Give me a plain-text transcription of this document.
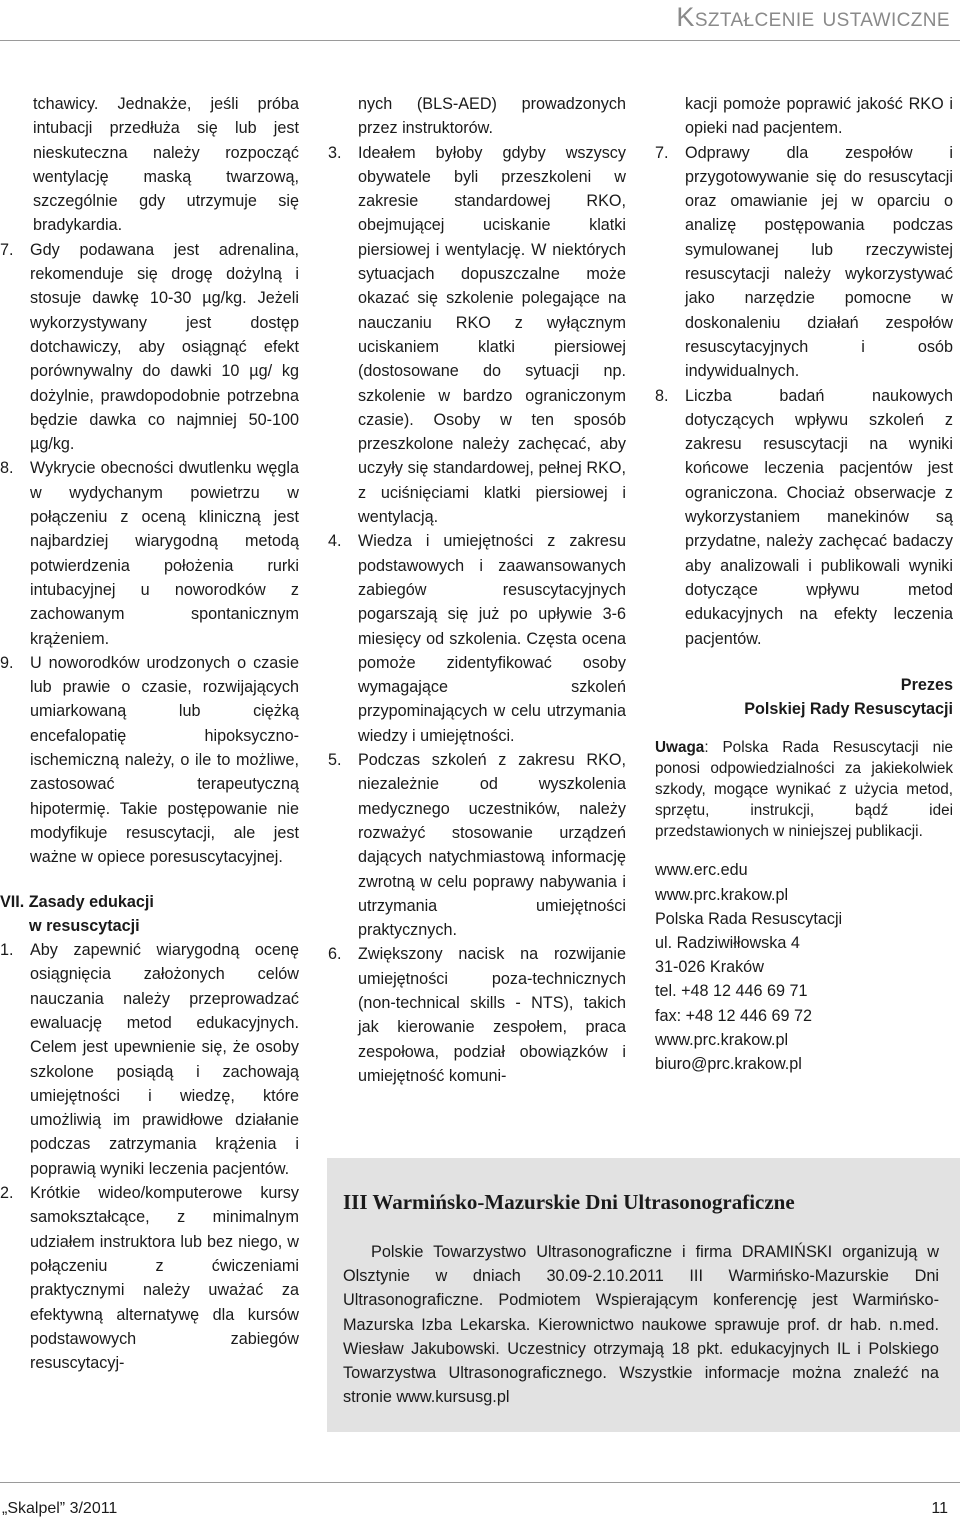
Kształcenie ustawiczne

tchawicy. Jednakże, jeśli próba intubacji przedłuża się lub jest nieskuteczna należy rozpocząć wentylację maską twarzową, szczególnie gdy utrzymuje się bradykardia.

7. Gdy podawana jest adrenalina, rekomenduje się drogę dożylną i stosuje dawkę 10-30 µg/kg. Jeżeli wykorzystywany jest dostęp dotchawiczy, aby osiągnąć efekt porównywalny do dawki 10 µg/ kg dożylnie, prawdopodobnie potrzebna będzie dawka co najmniej 50-100 µg/kg.
8. Wykrycie obecności dwutlenku węgla w wydychanym powietrzu w połączeniu z oceną kliniczną jest najbardziej wiarygodną metodą potwierdzenia położenia rurki intubacyjnej u noworodków z zachowanym spontanicznym krążeniem.
9. U noworodków urodzonych o czasie lub prawie o czasie, rozwijających umiarkowaną lub ciężką encefalopatię hipoksyczno-ischemiczną należy, o ile to możliwe, zastosować terapeutyczną hipotermię. Takie postępowanie nie modyfikuje resuscytacji, ale jest ważne w opiece poresuscytacyjnej.
VII. Zasady edukacji
w resuscytacji
1. Aby zapewnić wiarygodną ocenę osiągnięcia założonych celów nauczania należy przeprowadzać ewaluację metod edukacyjnych. Celem jest upewnienie się, że osoby szkolone posiądą i zachowają umiejętności i wiedzę, które umożliwią im prawidłowe działanie podczas zatrzymania krążenia i poprawią wyniki leczenia pacjentów.
2. Krótkie wideo/komputerowe kursy samokształcące, z minimalnym udziałem instruktora lub bez niego, w połączeniu z ćwiczeniami praktycznymi należy uważać za efektywną alternatywę dla kursów podstawowych zabiegów resuscytacyj-

nych (BLS-AED) prowadzonych przez instruktorów.

3. Ideałem byłoby gdyby wszyscy obywatele byli przeszkoleni w zakresie standardowej RKO, obejmującej uciskanie klatki piersiowej i wentylację. W niektórych sytuacjach dopuszczalne może okazać się szkolenie polegające na nauczaniu RKO z wyłącznym uciskaniem klatki piersiowej (dostosowane do sytuacji np. szkolenie w bardzo ograniczonym czasie). Osoby w ten sposób przeszkolone należy zachęcać, aby uczyły się standardowej, pełnej RKO, z uciśnięciami klatki piersiowej i wentylacją.
4. Wiedza i umiejętności z zakresu podstawowych i zaawansowanych zabiegów resuscytacyjnych pogarszają się już po upływie 3-6 miesięcy od szkolenia. Częsta ocena pomoże zidentyfikować osoby wymagające szkoleń przypominających w celu utrzymania wiedzy i umiejętności.
5. Podczas szkoleń z zakresu RKO, niezależnie od wyszkolenia medycznego uczestników, należy rozważyć stosowanie urządzeń dających natychmiastową informację zwrotną w celu poprawy nabywania i utrzymania umiejętności praktycznych.
6. Zwiększony nacisk na rozwijanie umiejętności poza-technicznych (non-technical skills - NTS), takich jak kierowanie zespołem, praca zespołowa, podział obowiązków i umiejętność komuni-

kacji pomoże poprawić jakość RKO i opieki nad pacjentem.

7. Odprawy dla zespołów i przygotowywanie się do resuscytacji oraz omawianie jej w oparciu o analizę postępowania podczas symulowanej lub rzeczywistej resuscytacji należy wykorzystywać jako narzędzie pomocne w doskonaleniu działań zespołów resuscytacyjnych i osób indywidualnych.
8. Liczba badań naukowych dotyczących wpływu szkoleń z zakresu resuscytacji na wyniki końcowe leczenia pacjentów jest ograniczona. Chociaż obserwacje z wykorzystaniem manekinów są przydatne, należy zachęcać badaczy aby analizowali i publikowali wyniki dotyczące wpływu metod edukacyjnych na efekty leczenia pacjentów.
Prezes
Polskiej Rady Resuscytacji
Uwaga: Polska Rada Resuscytacji nie ponosi odpowiedzialności za jakiekolwiek szkody, mogące wynikać z użycia metod, sprzętu, instrukcji, bądź idei przedstawionych w niniejszej publikacji.
www.erc.edu
www.prc.krakow.pl
Polska Rada Resuscytacji
ul. Radziwiłłowska 4
31-026 Kraków
tel. +48 12 446 69 71
fax: +48 12 446 69 72
www.prc.krakow.pl
biuro@prc.krakow.pl
III Warmińsko-Mazurskie Dni Ultrasonograficzne
Polskie Towarzystwo Ultrasonograficzne i firma DRAMIŃSKI organizują w Olsztynie w dniach 30.09-2.10.2011 III Warmińsko-Mazurskie Dni Ultrasonograficzne. Podmiotem Wspierającym konferencję jest Warmińsko-Mazurska Izba Lekarska. Kierownictwo naukowe sprawuje prof. dr hab. n.med. Wiesław Jakubowski. Uczestnicy otrzymają 18 pkt. edukacyjnych IL i Polskiego Towarzystwa Ultrasonograficznego. Wszystkie informacje można znaleźć na stronie www.kursusg.pl
„Skalpel” 3/2011	11
